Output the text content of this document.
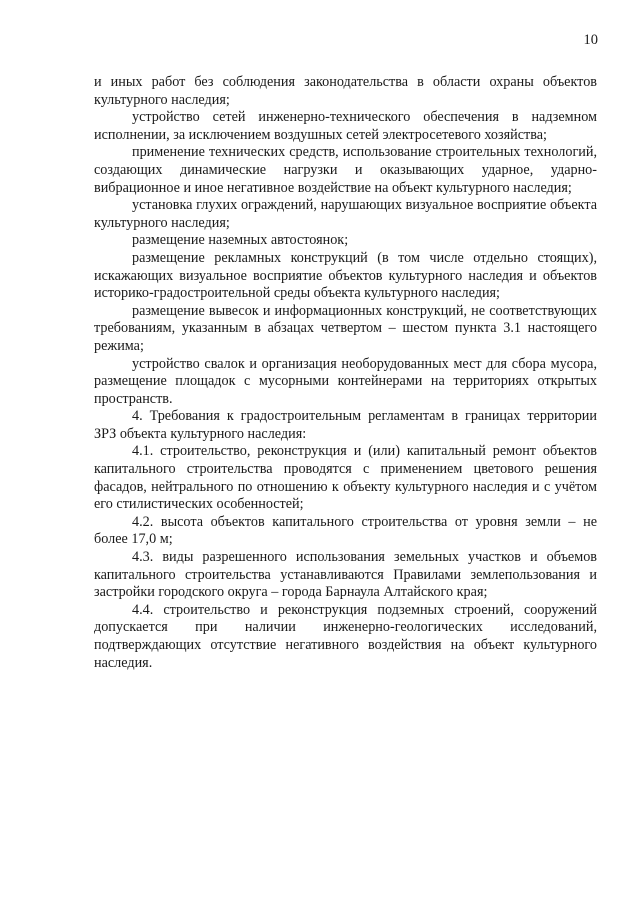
10

и иных работ без соблюдения законодательства в области охраны объектов культурного наследия;

устройство сетей инженерно-технического обеспечения в надземном исполнении, за исключением воздушных сетей электросетевого хозяйства;

применение технических средств, использование строительных технологий, создающих динамические нагрузки и оказывающих ударное, ударно-вибрационное и иное негативное воздействие на объект культурного наследия;

установка глухих ограждений, нарушающих визуальное восприятие объекта культурного наследия;

размещение наземных автостоянок;

размещение рекламных конструкций (в том числе отдельно стоящих), искажающих визуальное восприятие объектов культурного наследия и объектов историко-градостроительной среды объекта культурного наследия;

размещение вывесок и информационных конструкций, не соответствующих требованиям, указанным в абзацах четвертом – шестом пункта 3.1 настоящего режима;

устройство свалок и организация необорудованных мест для сбора мусора, размещение площадок с мусорными контейнерами на территориях открытых пространств.

4. Требования к градостроительным регламентам в границах территории ЗРЗ объекта культурного наследия:

4.1. строительство, реконструкция и (или) капитальный ремонт объектов капитального строительства проводятся с применением цветового решения фасадов, нейтрального по отношению к объекту культурного наследия и с учётом его стилистических особенностей;

4.2. высота объектов капитального строительства от уровня земли – не более 17,0 м;

4.3. виды разрешенного использования земельных участков и объемов капитального строительства устанавливаются Правилами землепользования и застройки городского округа – города Барнаула Алтайского края;

4.4. строительство и реконструкция подземных строений, сооружений допускается при наличии инженерно-геологических исследований, подтверждающих отсутствие негативного воздействия на объект культурного наследия.
